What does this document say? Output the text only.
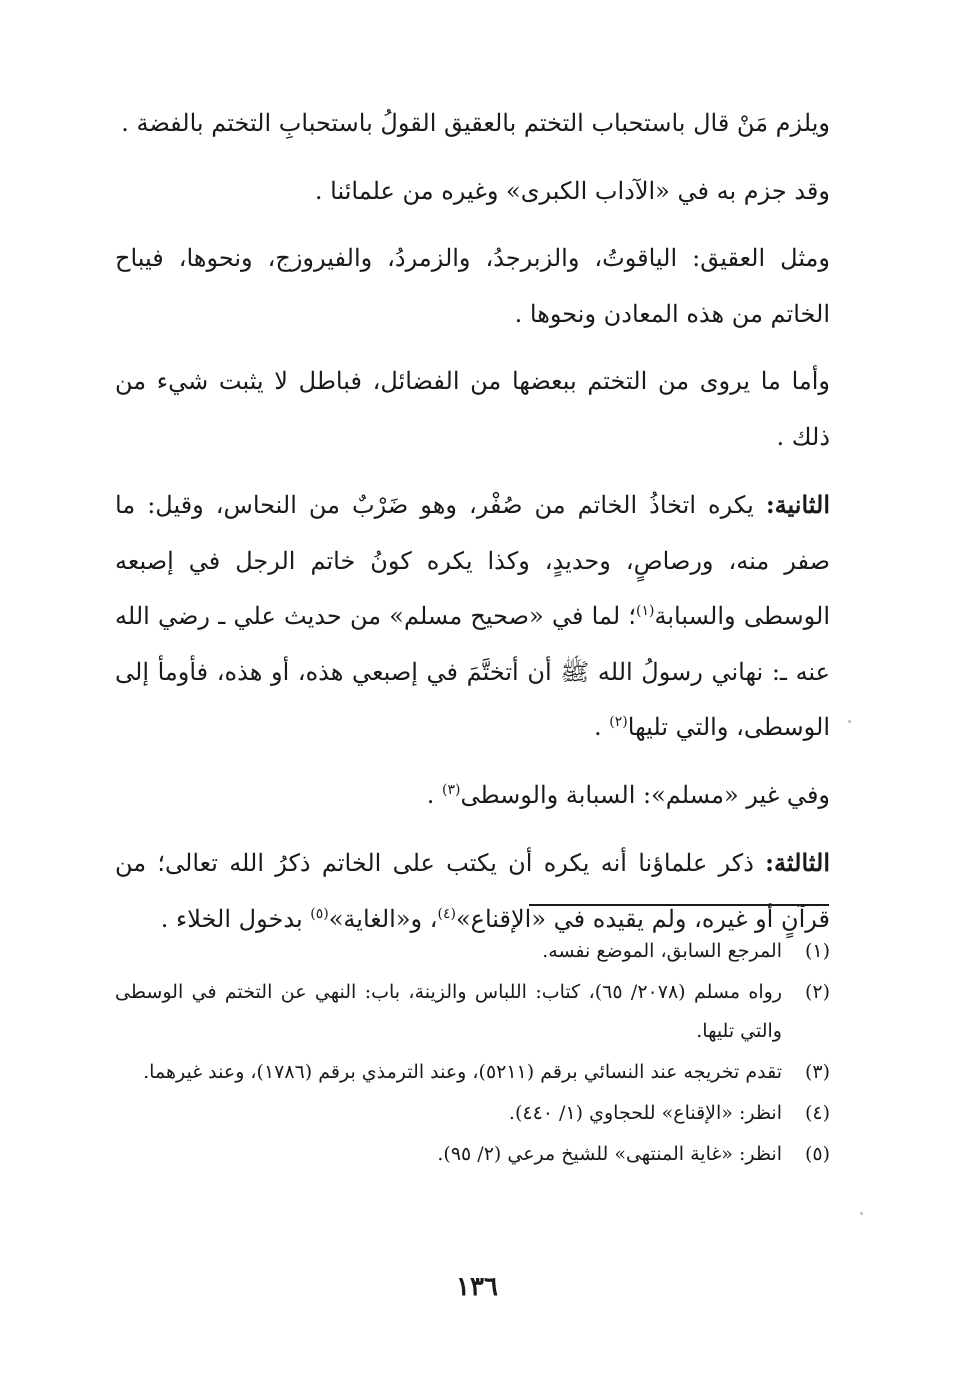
ويلزم مَنْ قال باستحباب التختم بالعقيق القولُ باستحبابِ التختم بالفضة .

وقد جزم به في «الآداب الكبرى» وغيره من علمائنا .

ومثل العقيق: الياقوتُ، والزبرجدُ، والزمردُ، والفيروزج، ونحوها، فيباح الخاتم من هذه المعادن ونحوها .

وأما ما يروى من التختم ببعضها من الفضائل، فباطل لا يثبت شيء من ذلك .

الثانية: يكره اتخاذُ الخاتم من صُفْر، وهو ضَرْبٌ من النحاس، وقيل: ما صفر منه، ورصاصٍ، وحديدٍ، وكذا يكره كونُ خاتم الرجل في إصبعه الوسطى والسبابة$^{(١)}$؛ لما في «صحيح مسلم» من حديث علي ـ رضي الله عنه ـ: نهاني رسولُ الله ﷺ أن أتختَّمَ في إصبعي هذه، أو هذه، فأومأ إلى الوسطى، والتي تليها$^{(٢)}$ .

وفي غير «مسلم»: السبابة والوسطى$^{(٣)}$ .

الثالثة: ذكر علماؤنا أنه يكره أن يكتب على الخاتم ذكرُ الله تعالى؛ من قرآنٍ أو غيره، ولم يقيده في «الإقناع»$^{(٤)}$، و«الغاية»$^{(٥)}$ بدخول الخلاء .

(١)
المرجع السابق، الموضع نفسه.
(٢)
رواه مسلم (٢٠٧٨/ ٦٥)، كتاب: اللباس والزينة، باب: النهي عن التختم في الوسطى والتي تليها.
(٣)
تقدم تخريجه عند النسائي برقم (٥٢١١)، وعند الترمذي برقم (١٧٨٦)، وعند غيرهما.
(٤)
انظر: «الإقناع» للحجاوي (١/ ٤٤٠).
(٥)
انظر: «غاية المنتهى» للشيخ مرعي (٢/ ٩٥).
١٣٦
